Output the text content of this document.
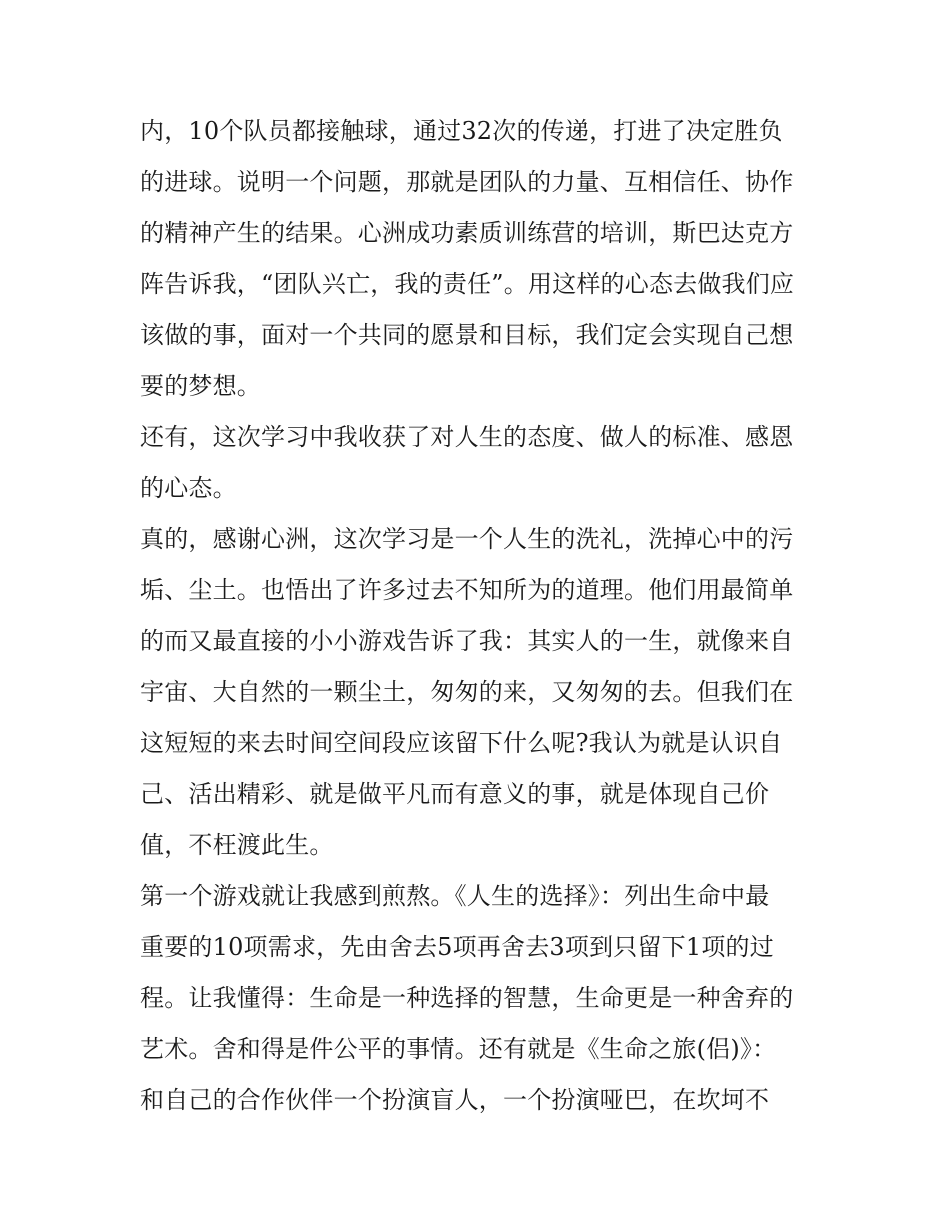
内，10个队员都接触球，通过32次的传递，打进了决定胜负
的进球。说明一个问题，那就是团队的力量、互相信任、协作
的精神产生的结果。心洲成功素质训练营的培训，斯巴达克方
阵告诉我，“团队兴亡，我的责任”。用这样的心态去做我们应
该做的事，面对一个共同的愿景和目标，我们定会实现自己想
要的梦想。
还有，这次学习中我收获了对人生的态度、做人的标准、感恩
的心态。
真的，感谢心洲，这次学习是一个人生的洗礼，洗掉心中的污
垢、尘土。也悟出了许多过去不知所为的道理。他们用最简单
的而又最直接的小小游戏告诉了我：其实人的一生，就像来自
宇宙、大自然的一颗尘土，匆匆的来，又匆匆的去。但我们在
这短短的来去时间空间段应该留下什么呢?我认为就是认识自
己、活出精彩、就是做平凡而有意义的事，就是体现自己价
值，不枉渡此生。
第一个游戏就让我感到煎熬。《人生的选择》：列出生命中最
重要的10项需求，先由舍去5项再舍去3项到只留下1项的过
程。让我懂得：生命是一种选择的智慧，生命更是一种舍弃的
艺术。舍和得是件公平的事情。还有就是《生命之旅(侣)》：
和自己的合作伙伴一个扮演盲人，一个扮演哑巴，在坎坷不
